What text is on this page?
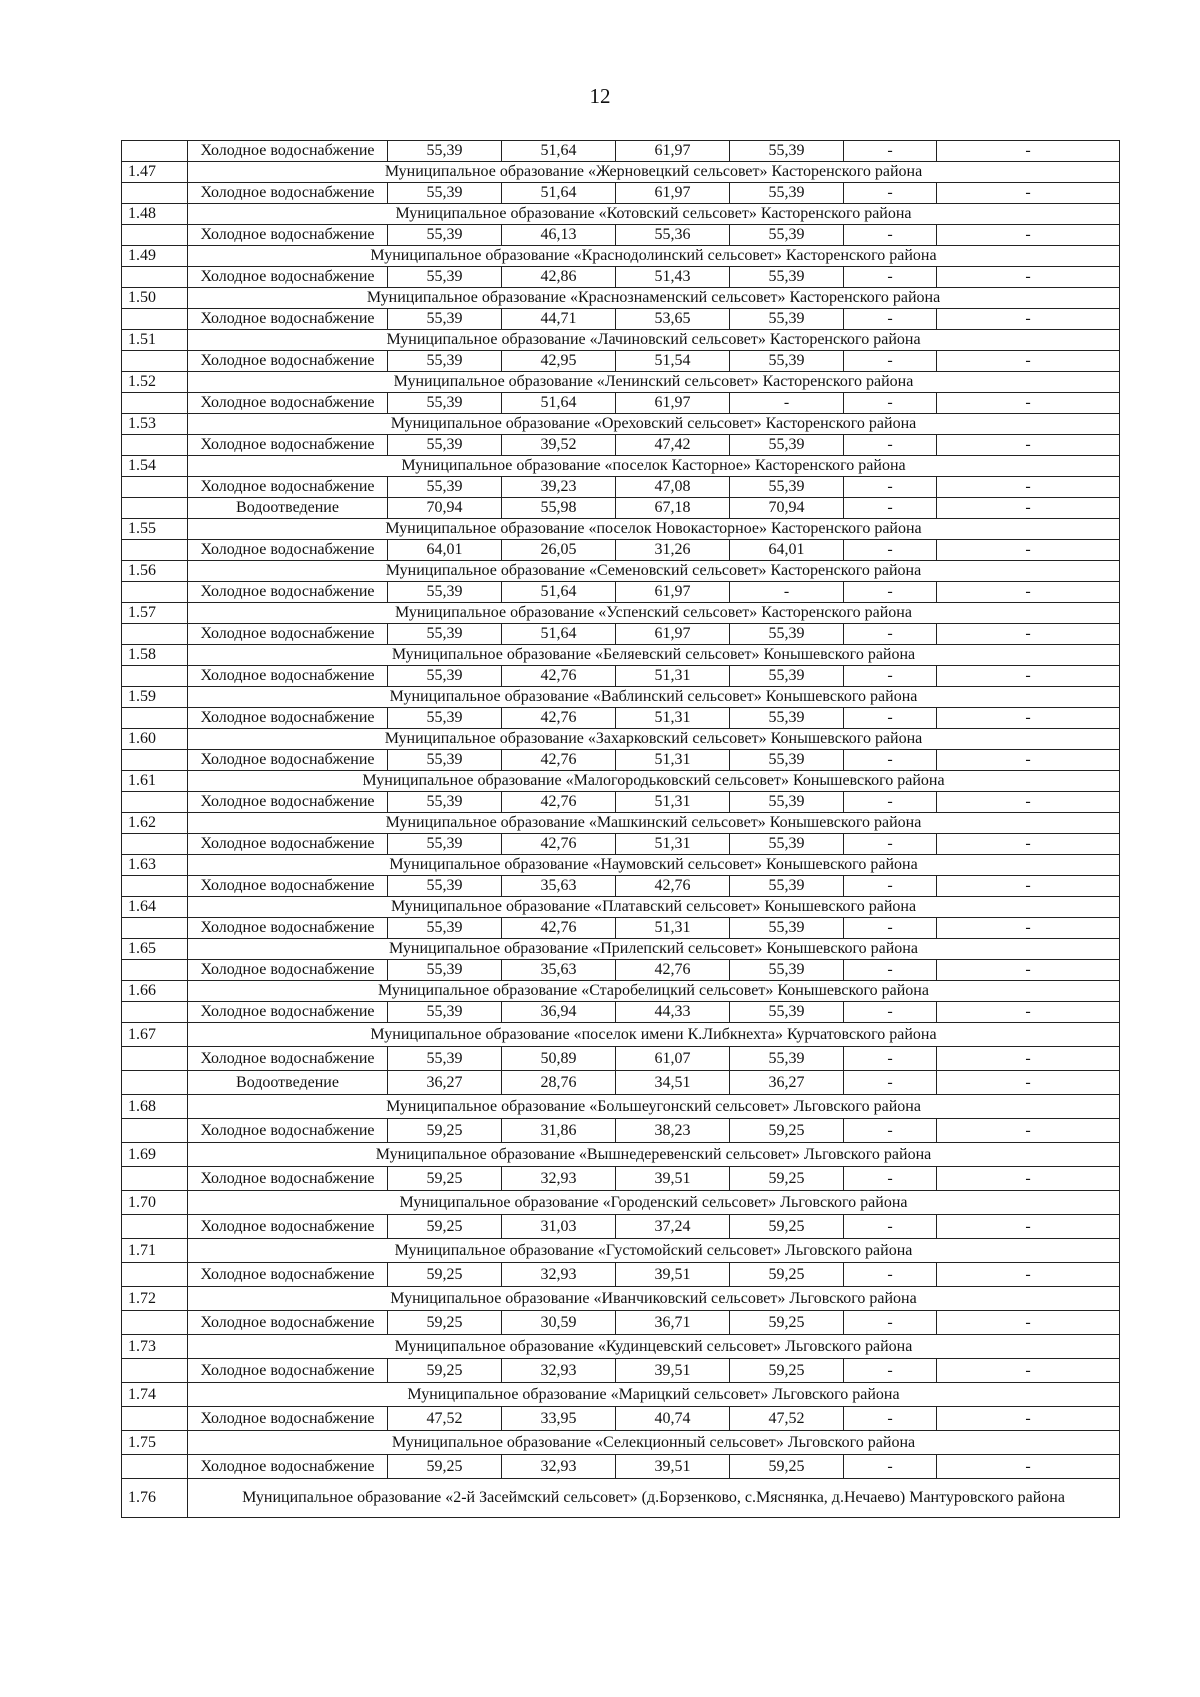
12
	Холодное водоснабжение	55,39	51,64	61,97	55,39	-	-
1.47	Муниципальное образование «Жерновецкий сельсовет» Касторенского района						
	Холодное водоснабжение	55,39	51,64	61,97	55,39	-	-
1.48	Муниципальное образование «Котовский сельсовет» Касторенского района						
	Холодное водоснабжение	55,39	46,13	55,36	55,39	-	-
1.49	Муниципальное образование «Краснодолинский сельсовет» Касторенского района						
	Холодное водоснабжение	55,39	42,86	51,43	55,39	-	-
1.50	Муниципальное образование «Краснознаменский сельсовет» Касторенского района						
	Холодное водоснабжение	55,39	44,71	53,65	55,39	-	-
1.51	Муниципальное образование «Лачиновский сельсовет» Касторенского района						
	Холодное водоснабжение	55,39	42,95	51,54	55,39	-	-
1.52	Муниципальное образование «Ленинский сельсовет» Касторенского района						
	Холодное водоснабжение	55,39	51,64	61,97	-	-	-
1.53	Муниципальное образование «Ореховский сельсовет» Касторенского района						
	Холодное водоснабжение	55,39	39,52	47,42	55,39	-	-
1.54	Муниципальное образование «поселок Касторное» Касторенского района						
	Холодное водоснабжение	55,39	39,23	47,08	55,39	-	-
	Водоотведение	70,94	55,98	67,18	70,94	-	-
1.55	Муниципальное образование «поселок Новокасторное» Касторенского района						
	Холодное водоснабжение	64,01	26,05	31,26	64,01	-	-
1.56	Муниципальное образование «Семеновский сельсовет» Касторенского района						
	Холодное водоснабжение	55,39	51,64	61,97	-	-	-
1.57	Муниципальное образование «Успенский сельсовет» Касторенского района						
	Холодное водоснабжение	55,39	51,64	61,97	55,39	-	-
1.58	Муниципальное образование «Беляевский сельсовет» Конышевского района						
	Холодное водоснабжение	55,39	42,76	51,31	55,39	-	-
1.59	Муниципальное образование «Ваблинский сельсовет» Конышевского района						
	Холодное водоснабжение	55,39	42,76	51,31	55,39	-	-
1.60	Муниципальное образование «Захарковский сельсовет» Конышевского района						
	Холодное водоснабжение	55,39	42,76	51,31	55,39	-	-
1.61	Муниципальное образование «Малогородьковский сельсовет» Конышевского района						
	Холодное водоснабжение	55,39	42,76	51,31	55,39	-	-
1.62	Муниципальное образование «Машкинский сельсовет» Конышевского района						
	Холодное водоснабжение	55,39	42,76	51,31	55,39	-	-
1.63	Муниципальное образование «Наумовский сельсовет» Конышевского района						
	Холодное водоснабжение	55,39	35,63	42,76	55,39	-	-
1.64	Муниципальное образование «Платавский сельсовет» Конышевского района						
	Холодное водоснабжение	55,39	42,76	51,31	55,39	-	-
1.65	Муниципальное образование «Прилепский сельсовет» Конышевского района						
	Холодное водоснабжение	55,39	35,63	42,76	55,39	-	-
1.66	Муниципальное образование «Старобелицкий сельсовет» Конышевского района						
	Холодное водоснабжение	55,39	36,94	44,33	55,39	-	-
1.67	Муниципальное образование «поселок имени К.Либкнехта» Курчатовского района						
	Холодное водоснабжение	55,39	50,89	61,07	55,39	-	-
	Водоотведение	36,27	28,76	34,51	36,27	-	-
1.68	Муниципальное образование «Большеугонский сельсовет» Льговского района						
	Холодное водоснабжение	59,25	31,86	38,23	59,25	-	-
1.69	Муниципальное образование «Вышнедеревенский сельсовет» Льговского района						
	Холодное водоснабжение	59,25	32,93	39,51	59,25	-	-
1.70	Муниципальное образование «Городенский сельсовет» Льговского района						
	Холодное водоснабжение	59,25	31,03	37,24	59,25	-	-
1.71	Муниципальное образование «Густомойский сельсовет» Льговского района						
	Холодное водоснабжение	59,25	32,93	39,51	59,25	-	-
1.72	Муниципальное образование «Иванчиковский сельсовет» Льговского района						
	Холодное водоснабжение	59,25	30,59	36,71	59,25	-	-
1.73	Муниципальное образование «Кудинцевский сельсовет» Льговского района						
	Холодное водоснабжение	59,25	32,93	39,51	59,25	-	-
1.74	Муниципальное образование «Марицкий сельсовет» Льговского района						
	Холодное водоснабжение	47,52	33,95	40,74	47,52	-	-
1.75	Муниципальное образование «Селекционный сельсовет» Льговского района						
	Холодное водоснабжение	59,25	32,93	39,51	59,25	-	-
1.76	Муниципальное образование «2-й Засеймский сельсовет» (д.Борзенково, с.Мяснянка, д.Нечаево) Мантуровского района						
